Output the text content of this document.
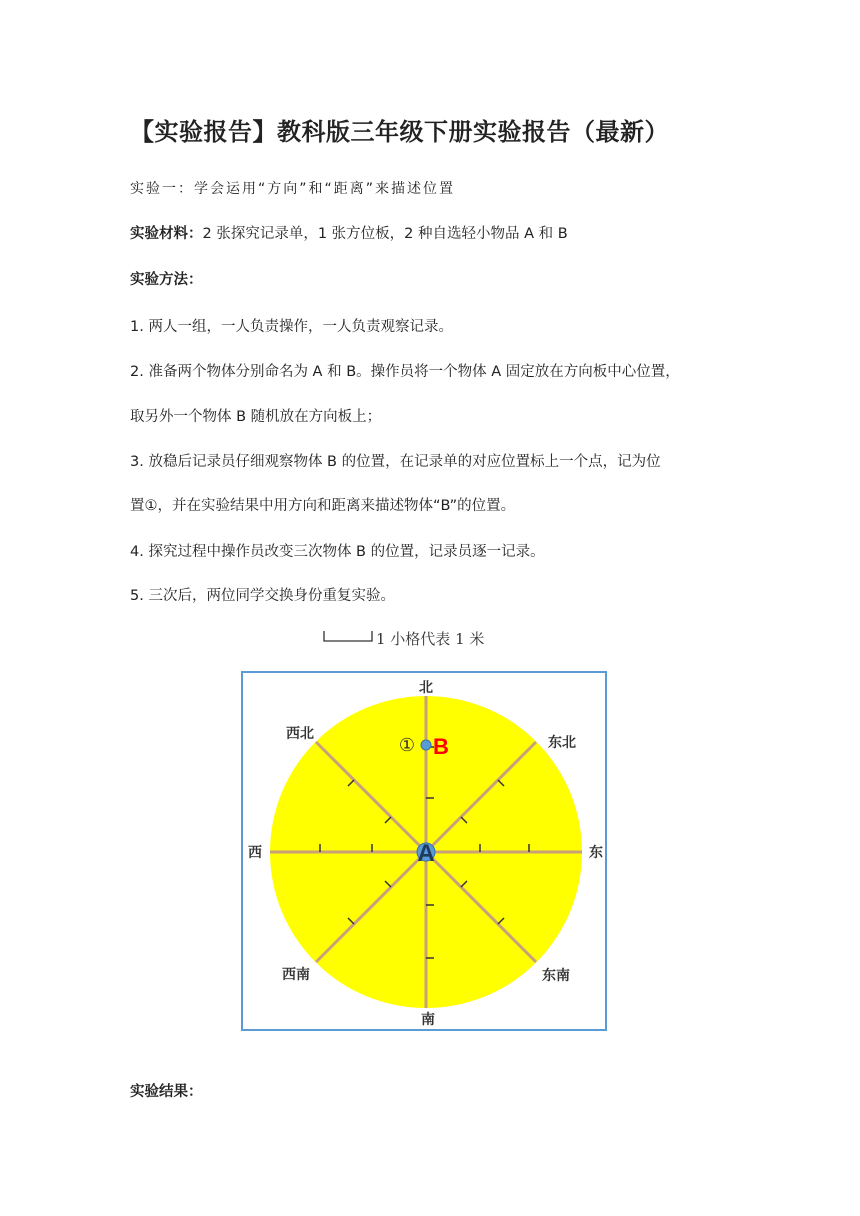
【实验报告】教科版三年级下册实验报告（最新）
实验一：学会运用“方向”和“距离”来描述位置
实验材料：2 张探究记录单，1 张方位板，2 种自选轻小物品 A 和 B
实验方法：
1. 两人一组，一人负责操作，一人负责观察记录。
2. 准备两个物体分别命名为 A 和 B。操作员将一个物体 A 固定放在方向板中心位置，
取另外一个物体 B 随机放在方向板上；
3. 放稳后记录员仔细观察物体 B 的位置，在记录单的对应位置标上一个点，记为位
置①，并在实验结果中用方向和距离来描述物体“B”的位置。
4. 探究过程中操作员改变三次物体 B 的位置，记录员逐一记录。
5. 三次后，两位同学交换身份重复实验。
1 小格代表 1 米
北
南
东
西
东北
西北
东南
西南
A
① B
实验结果：
